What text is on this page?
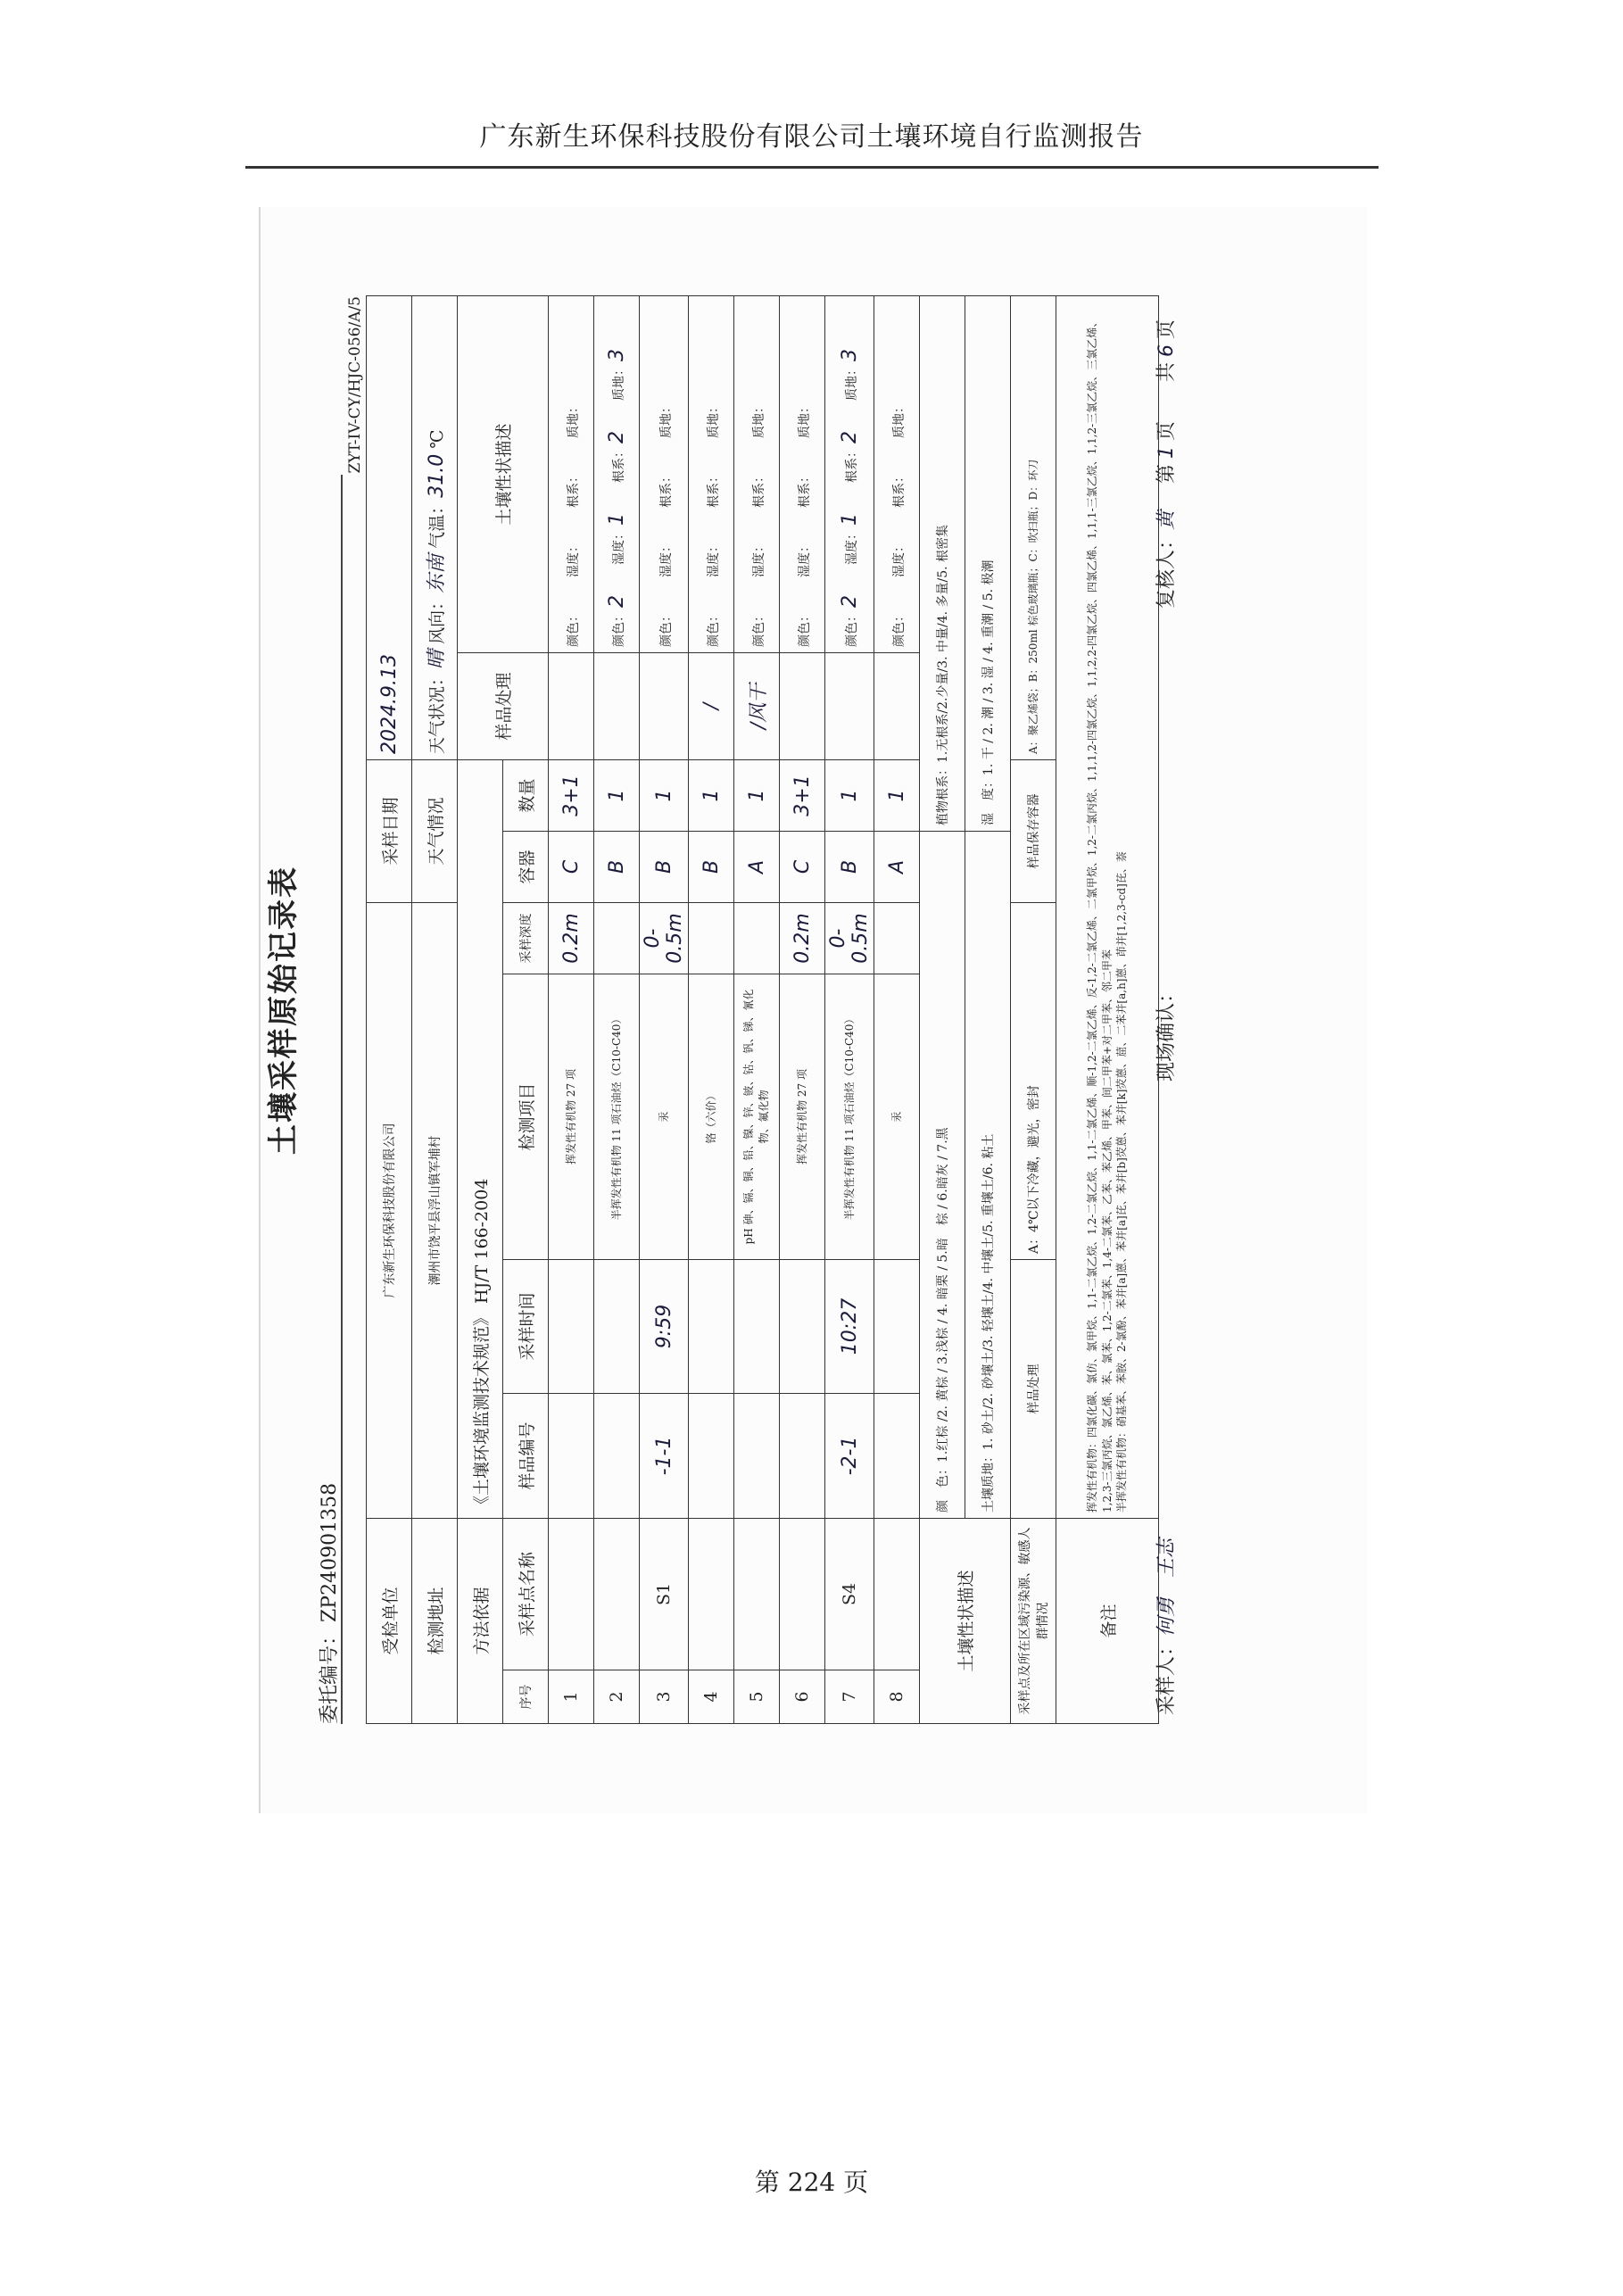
广东新生环保科技股份有限公司土壤环境自行监测报告
土壤采样原始记录表
ZYT-IV-CY/HJC-056/A/5
委托编号：ZP240901358 受检单位		广东新生环保科技股份有限公司				采样日期		2024.9.13	
检测地址		潮州市饶平县浮山镇军埔村				天气情况		天气状况：晴 风向：东南 气温：31.0 ℃	
方法依据		《土壤环境监测技术规范》 HJ/T 166-2004						样品处理	土壤性状描述
序号	采样点名称	样品编号	采样时间	检测项目	采样深度	容器	数量		
1				挥发性有机物 27 项	0.2m	C	3+1		颜色：湿度：根系：质地：
2				半挥发性有机物 11 项石油烃（C10-C40）		B	1		颜色：2湿度：1根系：2质地：3
3	S1	-1-1	9:59	汞	0-0.5m	B	1		颜色：湿度：根系：质地：
4				铬（六价）		B	1	/	颜色：湿度：根系：质地：
5				pH 砷、镉、铜、铅、镍、锌、铍、钴、钒、锑、氰化物、氟化物		A	1	/风干	颜色：湿度：根系：质地：
6				挥发性有机物 27 项	0.2m	C	3+1		颜色：湿度：根系：质地：
7	S4	-2-1	10:27	半挥发性有机物 11 项石油烃（C10-C40）	0-0.5m	B	1		颜色：2湿度：1根系：2质地：3
8				汞		A	1		颜色：湿度：根系：质地：
土壤性状描述		颜　色：1.红棕 /2. 黄棕 / 3.浅棕 / 4. 暗栗 / 5.暗　棕 / 6.暗灰 / 7.黑					植物根系：1.无根系/2.少量/3. 中量/4. 多量/5. 根密集		
		土壤质地：1. 砂土/2. 砂壤土/3. 轻壤土/4. 中壤土/5. 重壤土/6. 粘土					湿　度：1. 干 / 2. 潮 / 3. 湿 / 4. 重潮 / 5. 极潮		
采样点及所在区域污染源、敏感人群情况		样品处理		A：4℃以下冷藏，避光，密封		样品保存容器		A：聚乙烯袋；B：250ml 棕色玻璃瓶；C：吹扫瓶；D：环刀	
备注		挥发性有机物：四氯化碳、氯仿、氯甲烷、1,1-二氯乙烷、1,2-二氯乙烷、1,1-二氯乙烯、顺-1,2-二氯乙烯、反-1,2-二氯乙烯、二氯甲烷、1,2-二氯丙烷、1,1,1,2-四氯乙烷、1,1,2,2-四氯乙烷、四氯乙烯、1,1,1-三氯乙烷、1,1,2-三氯乙烷、三氯乙烯、1,2,3-三氯丙烷、氯乙烯、苯、氯苯、1,2-二氯苯、1,4-二氯苯、乙苯、苯乙烯、甲苯、间二甲苯+对二甲苯、邻二甲苯 半挥发性有机物：硝基苯、苯胺、2-氯酚、苯并[a]蒽、苯并[a]芘、苯并[b]荧蒽、苯并[k]荧蒽、䓛、二苯并[a,h]蒽、茚并[1,2,3-cd]芘、萘							
采样人：何勇　王志
现场确认：
复核人：黄
第1页　　共6页
第 224 页
